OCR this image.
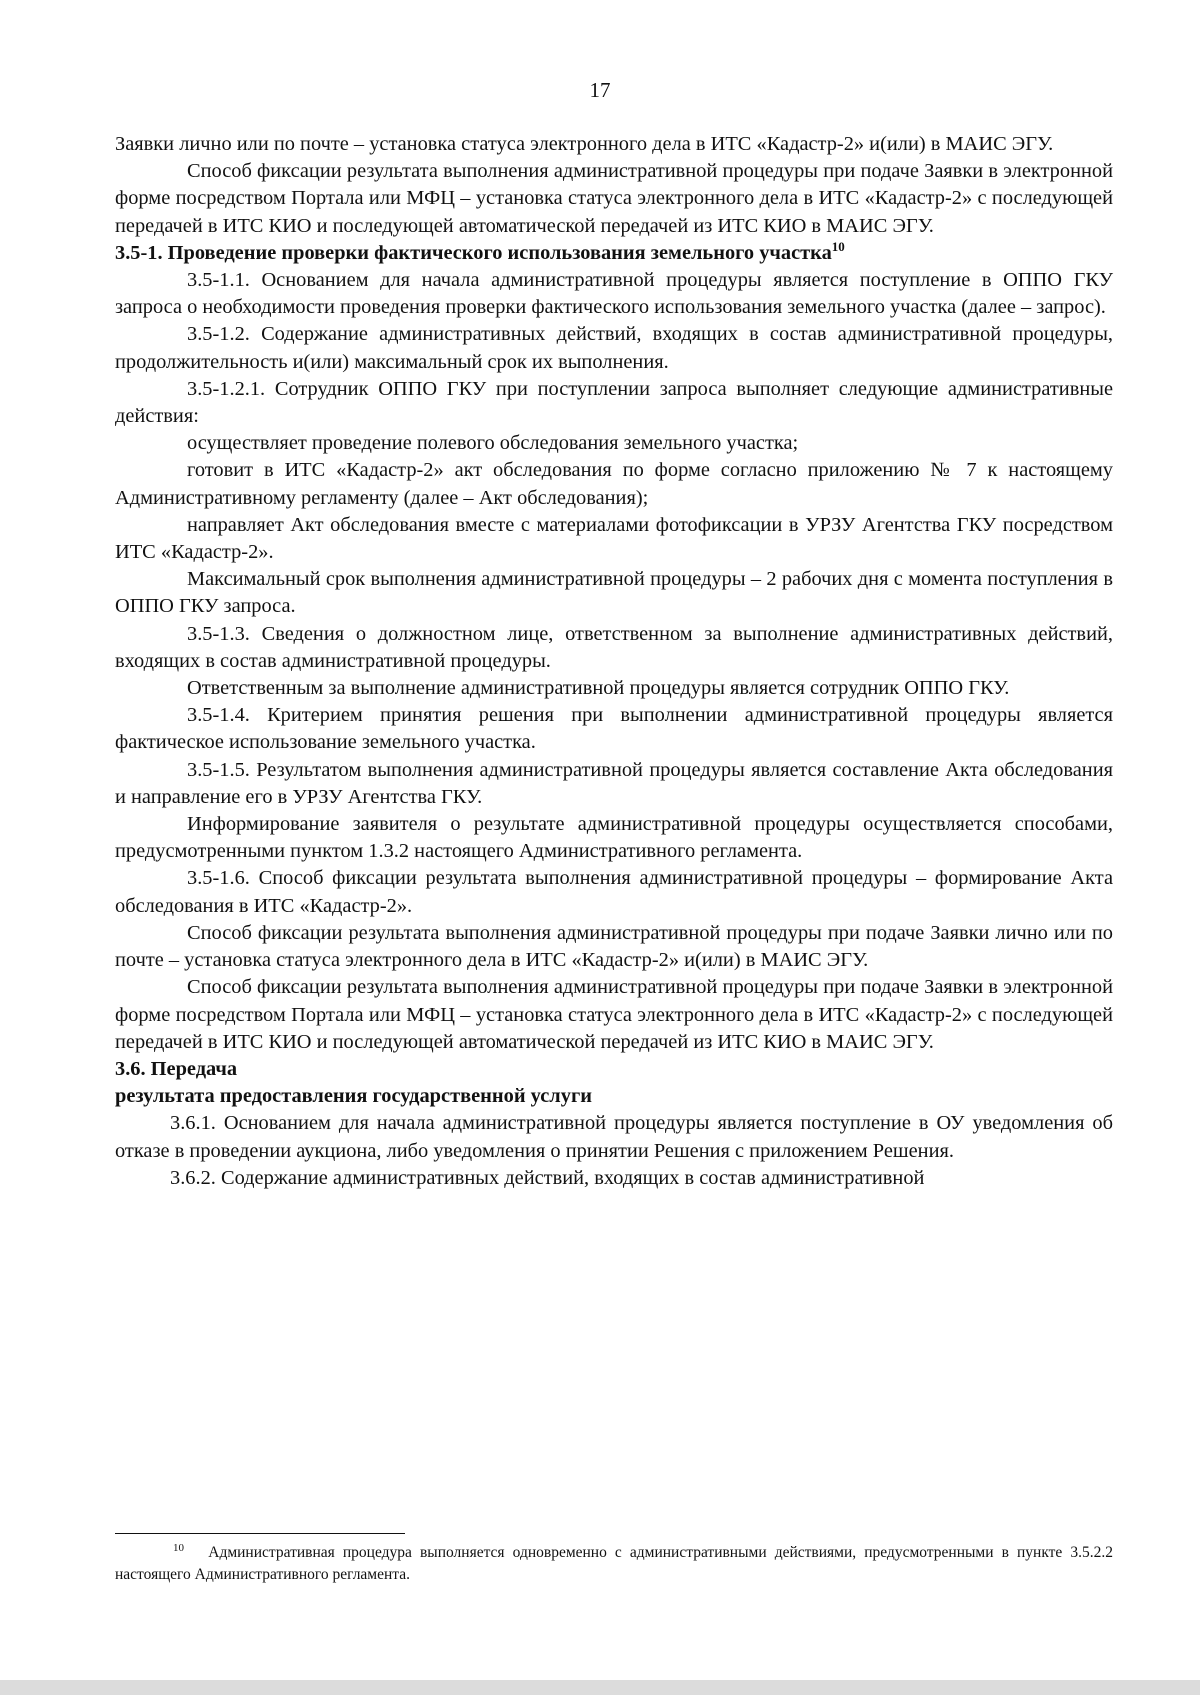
17

Заявки лично или по почте – установка статуса электронного дела в ИТС «Кадастр-2» и(или) в МАИС ЭГУ.

Способ фиксации результата выполнения административной процедуры при подаче Заявки в электронной форме посредством Портала или МФЦ – установка статуса электронного дела в ИТС «Кадастр-2» с последующей передачей в ИТС КИО и последующей автоматической передачей из ИТС КИО в МАИС ЭГУ.

3.5-1. Проведение проверки фактического использования земельного участка$^{10}$

3.5-1.1. Основанием для начала административной процедуры является поступление в ОППО ГКУ запроса о необходимости проведения проверки фактического использования земельного участка (далее – запрос).

3.5-1.2. Содержание административных действий, входящих в состав административной процедуры, продолжительность и(или) максимальный срок их выполнения.

3.5-1.2.1. Сотрудник ОППО ГКУ при поступлении запроса выполняет следующие административные действия:

осуществляет проведение полевого обследования земельного участка;

готовит в ИТС «Кадастр-2» акт обследования по форме согласно приложению № 7 к настоящему Административному регламенту (далее – Акт обследования);

направляет Акт обследования вместе с материалами фотофиксации в УРЗУ Агентства ГКУ посредством ИТС «Кадастр-2».

Максимальный срок выполнения административной процедуры – 2 рабочих дня с момента поступления в ОППО ГКУ запроса.

3.5-1.3. Сведения о должностном лице, ответственном за выполнение административных действий, входящих в состав административной процедуры.

Ответственным за выполнение административной процедуры является сотрудник ОППО ГКУ.

3.5-1.4. Критерием принятия решения при выполнении административной процедуры является фактическое использование земельного участка.

3.5-1.5. Результатом выполнения административной процедуры является составление Акта обследования и направление его в УРЗУ Агентства ГКУ.

Информирование заявителя о результате административной процедуры осуществляется способами, предусмотренными пунктом 1.3.2 настоящего Административного регламента.

3.5-1.6. Способ фиксации результата выполнения административной процедуры – формирование Акта обследования в ИТС «Кадастр-2».

Способ фиксации результата выполнения административной процедуры при подаче Заявки лично или по почте – установка статуса электронного дела в ИТС «Кадастр-2» и(или) в МАИС ЭГУ.

Способ фиксации результата выполнения административной процедуры при подаче Заявки в электронной форме посредством Портала или МФЦ – установка статуса электронного дела в ИТС «Кадастр-2» с последующей передачей в ИТС КИО и последующей автоматической передачей из ИТС КИО в МАИС ЭГУ.

3.6. Передача

результата предоставления государственной услуги

3.6.1. Основанием для начала административной процедуры является поступление в ОУ уведомления об отказе в проведении аукциона, либо уведомления о принятии Решения с приложением Решения.

3.6.2. Содержание административных действий, входящих в состав административной

$^{10}$ Административная процедура выполняется одновременно с административными действиями, предусмотренными в пункте 3.5.2.2 настоящего Административного регламента.
